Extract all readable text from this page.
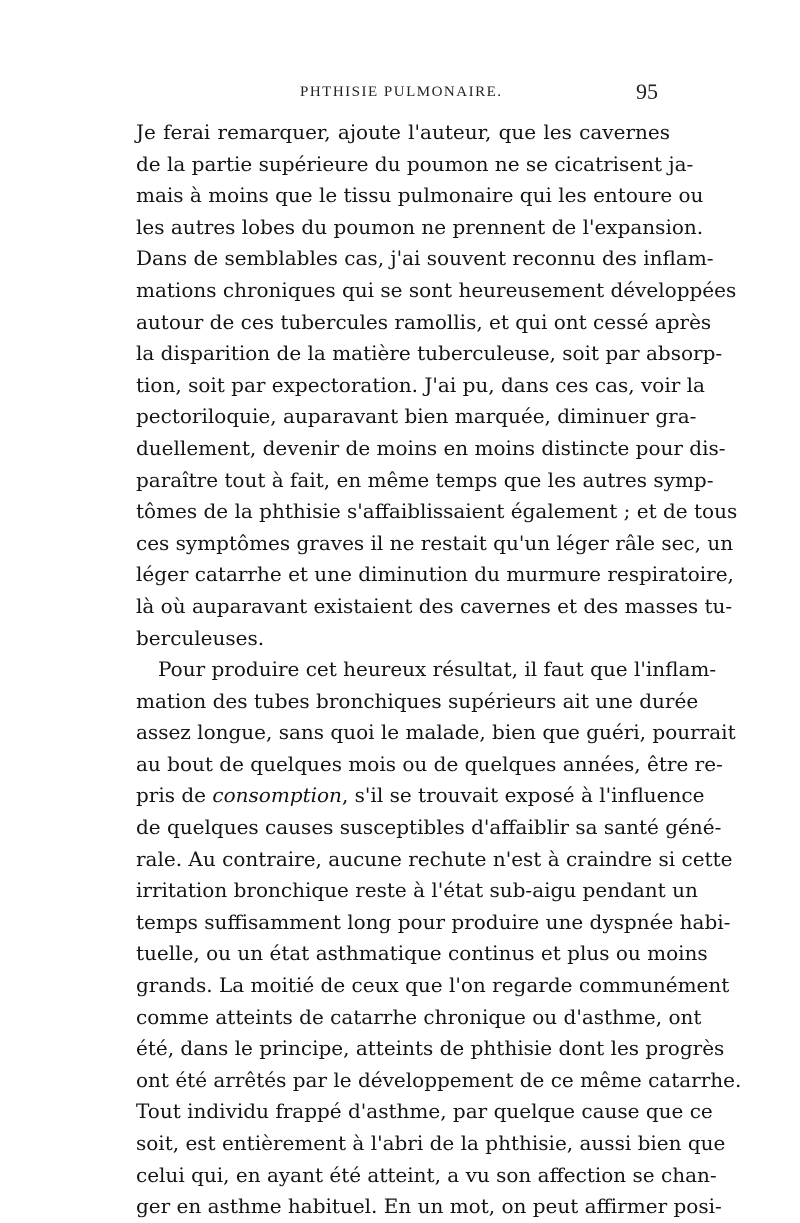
PHTHISIE PULMONAIRE.	95
Je ferai remarquer, ajoute l'auteur, que les cavernes
de la partie supérieure du poumon ne se cicatrisent ja-
mais à moins que le tissu pulmonaire qui les entoure ou
les autres lobes du poumon ne prennent de l'expansion.
Dans de semblables cas, j'ai souvent reconnu des inflam-
mations chroniques qui se sont heureusement développées
autour de ces tubercules ramollis, et qui ont cessé après
la disparition de la matière tuberculeuse, soit par absorp-
tion, soit par expectoration. J'ai pu, dans ces cas, voir la
pectoriloquie, auparavant bien marquée, diminuer gra-
duellement, devenir de moins en moins distincte pour dis-
paraître tout à fait, en même temps que les autres symp-
tômes de la phthisie s'affaiblissaient également ; et de tous
ces symptômes graves il ne restait qu'un léger râle sec, un
léger catarrhe et une diminution du murmure respiratoire,
là où auparavant existaient des cavernes et des masses tu-
berculeuses.
Pour produire cet heureux résultat, il faut que l'inflam-
mation des tubes bronchiques supérieurs ait une durée
assez longue, sans quoi le malade, bien que guéri, pourrait
au bout de quelques mois ou de quelques années, être re-
pris de consomption, s'il se trouvait exposé à l'influence
de quelques causes susceptibles d'affaiblir sa santé géné-
rale. Au contraire, aucune rechute n'est à craindre si cette
irritation bronchique reste à l'état sub-aigu pendant un
temps suffisamment long pour produire une dyspnée habi-
tuelle, ou un état asthmatique continus et plus ou moins
grands. La moitié de ceux que l'on regarde communément
comme atteints de catarrhe chronique ou d'asthme, ont
été, dans le principe, atteints de phthisie dont les progrès
ont été arrêtés par le développement de ce même catarrhe.
Tout individu frappé d'asthme, par quelque cause que ce
soit, est entièrement à l'abri de la phthisie, aussi bien que
celui qui, en ayant été atteint, a vu son affection se chan-
ger en asthme habituel. En un mot, on peut affirmer posi-
